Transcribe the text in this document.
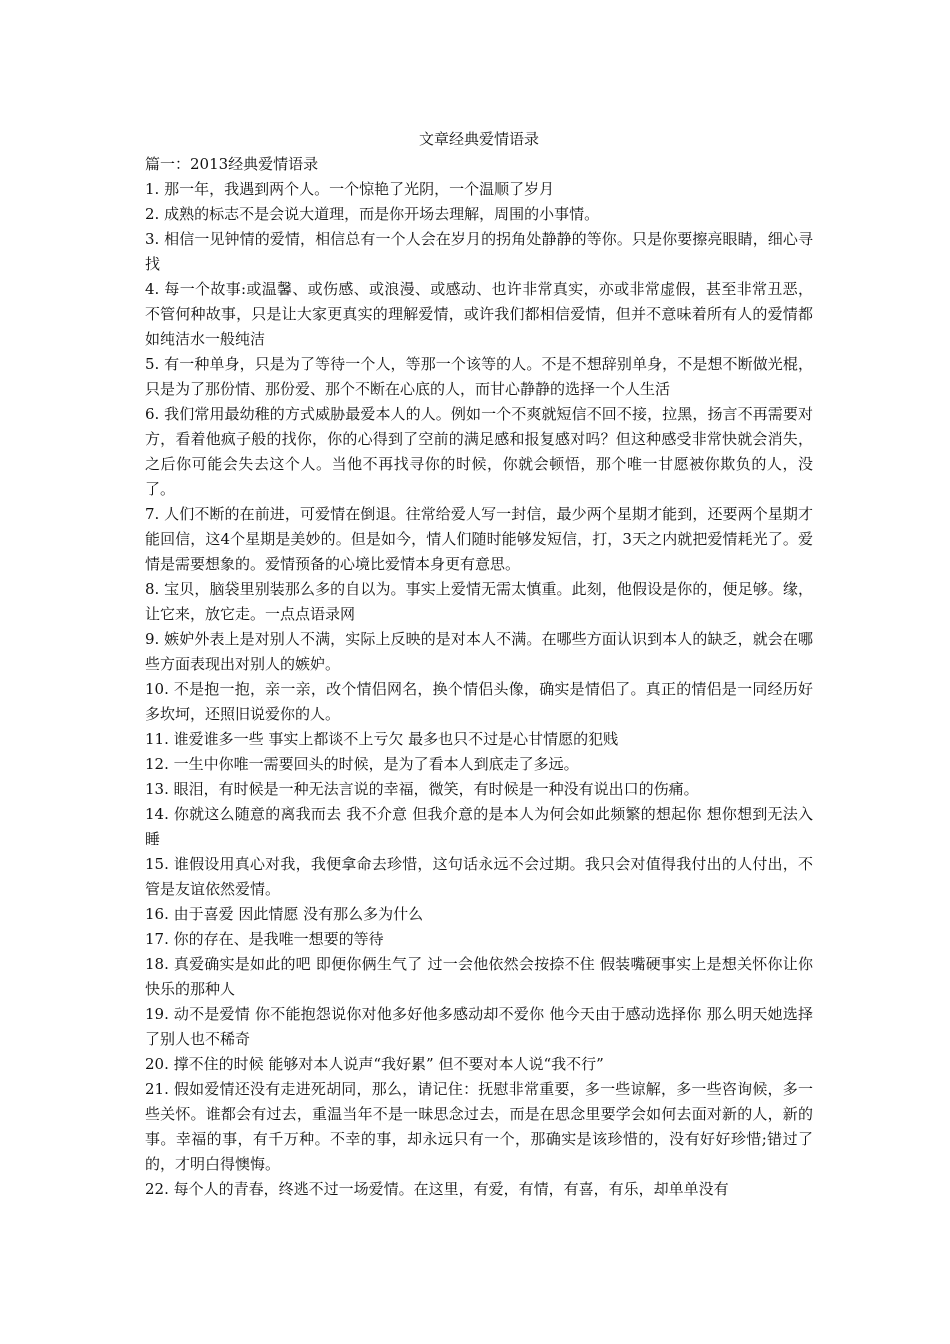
文章经典爱情语录

篇一：2013经典爱情语录

1. 那一年，我遇到两个人。一个惊艳了光阴，一个温顺了岁月

2. 成熟的标志不是会说大道理，而是你开场去理解，周围的小事情。

3. 相信一见钟情的爱情，相信总有一个人会在岁月的拐角处静静的等你。只是你要擦亮眼睛，细心寻找

4. 每一个故事:或温馨、或伤感、或浪漫、或感动、也许非常真实，亦或非常虚假，甚至非常丑恶，不管何种故事，只是让大家更真实的理解爱情，或许我们都相信爱情，但并不意味着所有人的爱情都如纯洁水一般纯洁

5. 有一种单身，只是为了等待一个人，等那一个该等的人。不是不想辞别单身，不是想不断做光棍，只是为了那份情、那份爱、那个不断在心底的人，而甘心静静的选择一个人生活

6. 我们常用最幼稚的方式威胁最爱本人的人。例如一个不爽就短信不回不接，拉黑，扬言不再需要对方，看着他疯子般的找你，你的心得到了空前的满足感和报复感对吗？但这种感受非常快就会消失，之后你可能会失去这个人。当他不再找寻你的时候，你就会顿悟，那个唯一甘愿被你欺负的人，没了。

7. 人们不断的在前进，可爱情在倒退。往常给爱人写一封信，最少两个星期才能到，还要两个星期才能回信，这4个星期是美妙的。但是如今，情人们随时能够发短信，打，3天之内就把爱情耗光了。爱情是需要想象的。爱情预备的心境比爱情本身更有意思。

8. 宝贝，脑袋里别装那么多的自以为。事实上爱情无需太慎重。此刻，他假设是你的，便足够。缘，让它来，放它走。一点点语录网

9. 嫉妒外表上是对别人不满，实际上反映的是对本人不满。在哪些方面认识到本人的缺乏，就会在哪些方面表现出对别人的嫉妒。

10. 不是抱一抱，亲一亲，改个情侣网名，换个情侣头像，确实是情侣了。真正的情侣是一同经历好多坎坷，还照旧说爱你的人。

11. 谁爱谁多一些 事实上都谈不上亏欠 最多也只不过是心甘情愿的犯贱

12. 一生中你唯一需要回头的时候，是为了看本人到底走了多远。

13. 眼泪，有时候是一种无法言说的幸福，微笑，有时候是一种没有说出口的伤痛。

14. 你就这么随意的离我而去 我不介意 但我介意的是本人为何会如此频繁的想起你 想你想到无法入睡

15. 谁假设用真心对我，我便拿命去珍惜，这句话永远不会过期。我只会对值得我付出的人付出，不管是友谊依然爱情。

16. 由于喜爱 因此情愿 没有那么多为什么

17. 你的存在、是我唯一想要的等待

18. 真爱确实是如此的吧 即便你俩生气了 过一会他依然会按捺不住 假装嘴硬事实上是想关怀你让你快乐的那种人

19. 动不是爱情 你不能抱怨说你对他多好他多感动却不爱你 他今天由于感动选择你 那么明天她选择了别人也不稀奇

20. 撑不住的时候 能够对本人说声“我好累” 但不要对本人说“我不行”

21. 假如爱情还没有走进死胡同，那么，请记住：抚慰非常重要，多一些谅解，多一些咨询候，多一些关怀。谁都会有过去，重温当年不是一昧思念过去，而是在思念里要学会如何去面对新的人，新的事。幸福的事，有千万种。不幸的事，却永远只有一个，那确实是该珍惜的，没有好好珍惜;错过了的，才明白得懊悔。

22. 每个人的青春，终逃不过一场爱情。在这里，有爱，有情，有喜，有乐，却单单没有
